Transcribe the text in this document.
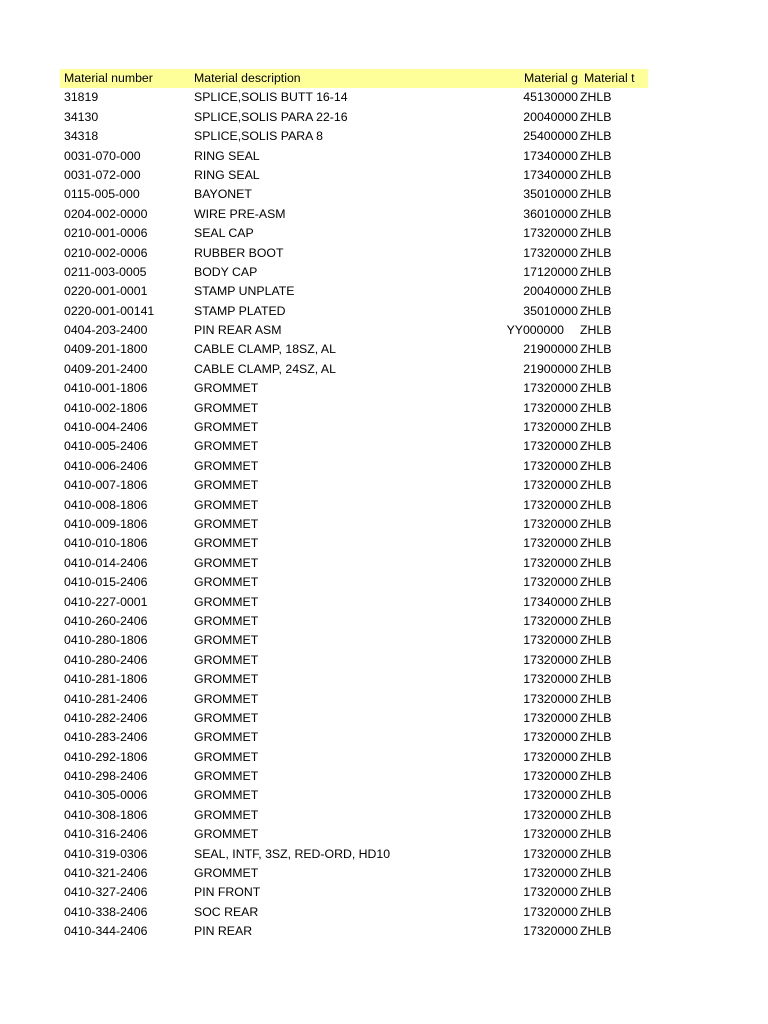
Material number	Material description	Material g Material t
31819	SPLICE,SOLIS BUTT 16-14	45130000 ZHLB
34130	SPLICE,SOLIS PARA 22-16	20040000 ZHLB
34318	SPLICE,SOLIS PARA 8	25400000 ZHLB
0031-070-000	RING SEAL	17340000 ZHLB
0031-072-000	RING SEAL	17340000 ZHLB
0115-005-000	BAYONET	35010000 ZHLB
0204-002-0000	WIRE PRE-ASM	36010000 ZHLB
0210-001-0006	SEAL CAP	17320000 ZHLB
0210-002-0006	RUBBER BOOT	17320000 ZHLB
0211-003-0005	BODY CAP	17120000 ZHLB
0220-001-0001	STAMP UNPLATE	20040000 ZHLB
0220-001-00141	STAMP PLATED	35010000 ZHLB
0404-203-2400	PIN REAR ASM	YY000000	ZHLB
0409-201-1800	CABLE CLAMP, 18SZ, AL	21900000 ZHLB
0409-201-2400	CABLE CLAMP, 24SZ, AL	21900000 ZHLB
0410-001-1806	GROMMET	17320000 ZHLB
0410-002-1806	GROMMET	17320000 ZHLB
0410-004-2406	GROMMET	17320000 ZHLB
0410-005-2406	GROMMET	17320000 ZHLB
0410-006-2406	GROMMET	17320000 ZHLB
0410-007-1806	GROMMET	17320000 ZHLB
0410-008-1806	GROMMET	17320000 ZHLB
0410-009-1806	GROMMET	17320000 ZHLB
0410-010-1806	GROMMET	17320000 ZHLB
0410-014-2406	GROMMET	17320000 ZHLB
0410-015-2406	GROMMET	17320000 ZHLB
0410-227-0001	GROMMET	17340000 ZHLB
0410-260-2406	GROMMET	17320000 ZHLB
0410-280-1806	GROMMET	17320000 ZHLB
0410-280-2406	GROMMET	17320000 ZHLB
0410-281-1806	GROMMET	17320000 ZHLB
0410-281-2406	GROMMET	17320000 ZHLB
0410-282-2406	GROMMET	17320000 ZHLB
0410-283-2406	GROMMET	17320000 ZHLB
0410-292-1806	GROMMET	17320000 ZHLB
0410-298-2406	GROMMET	17320000 ZHLB
0410-305-0006	GROMMET	17320000 ZHLB
0410-308-1806	GROMMET	17320000 ZHLB
0410-316-2406	GROMMET	17320000 ZHLB
0410-319-0306	SEAL, INTF, 3SZ, RED-ORD, HD10	17320000 ZHLB
0410-321-2406	GROMMET	17320000 ZHLB
0410-327-2406	PIN FRONT	17320000 ZHLB
0410-338-2406	SOC REAR	17320000 ZHLB
0410-344-2406	PIN REAR	17320000 ZHLB
